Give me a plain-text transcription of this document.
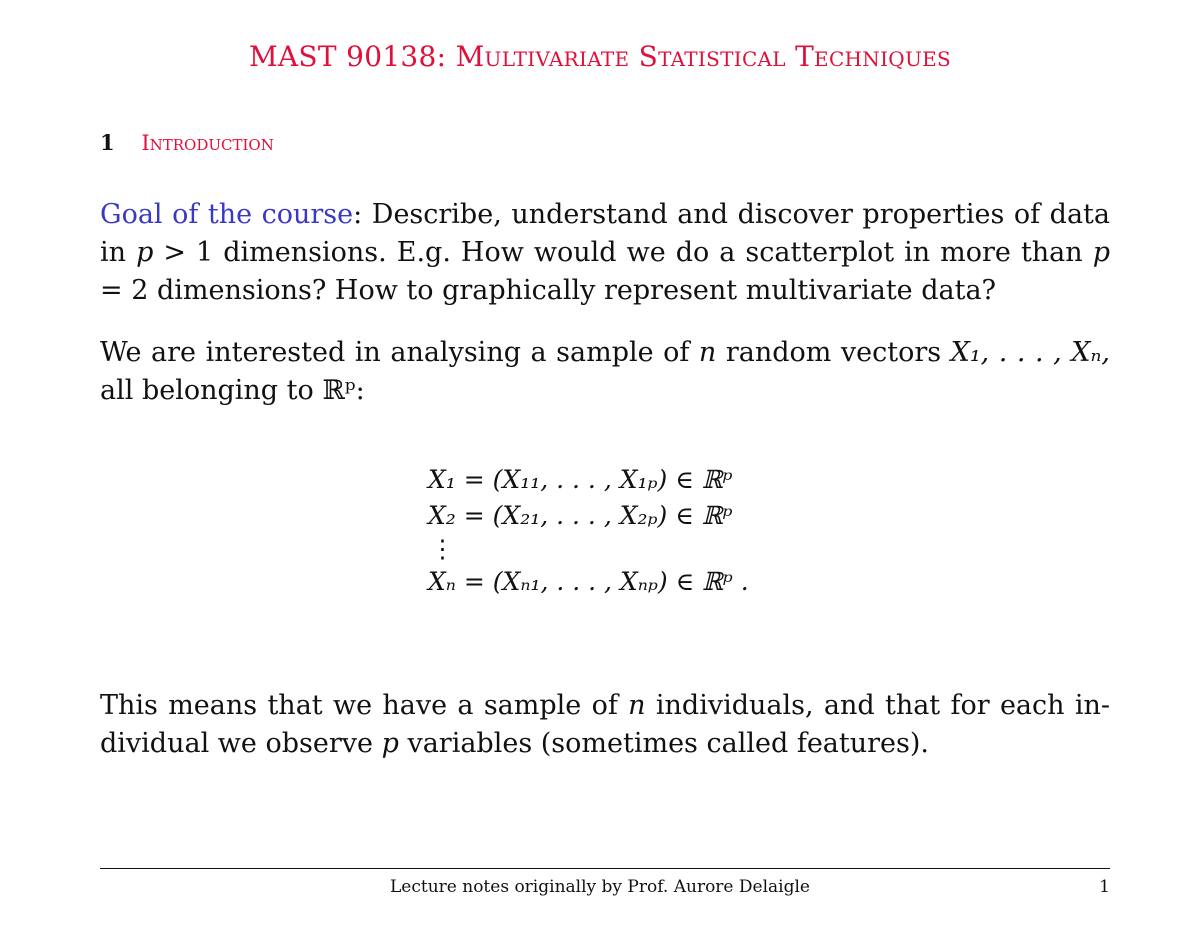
MAST 90138: Multivariate Statistical Techniques
1 Introduction

Goal of the course: Describe, understand and discover properties of data in p > 1 dimensions. E.g. How would we do a scatterplot in more than p = 2 dimensions? How to graphically represent multivariate data?

We are interested in analysing a sample of n random vectors X₁, . . . , Xₙ, all belonging to ℝᵖ:

X₁ = (X₁₁, . . . , X₁ₚ) ∈ ℝᵖ
X₂ = (X₂₁, . . . , X₂ₚ) ∈ ℝᵖ
⋮
Xₙ = (Xₙ₁, . . . , Xₙₚ) ∈ ℝᵖ .

This means that we have a sample of n individuals, and that for each in-dividual we observe p variables (sometimes called features).

Lecture notes originally by Prof. Aurore Delaigle	1
